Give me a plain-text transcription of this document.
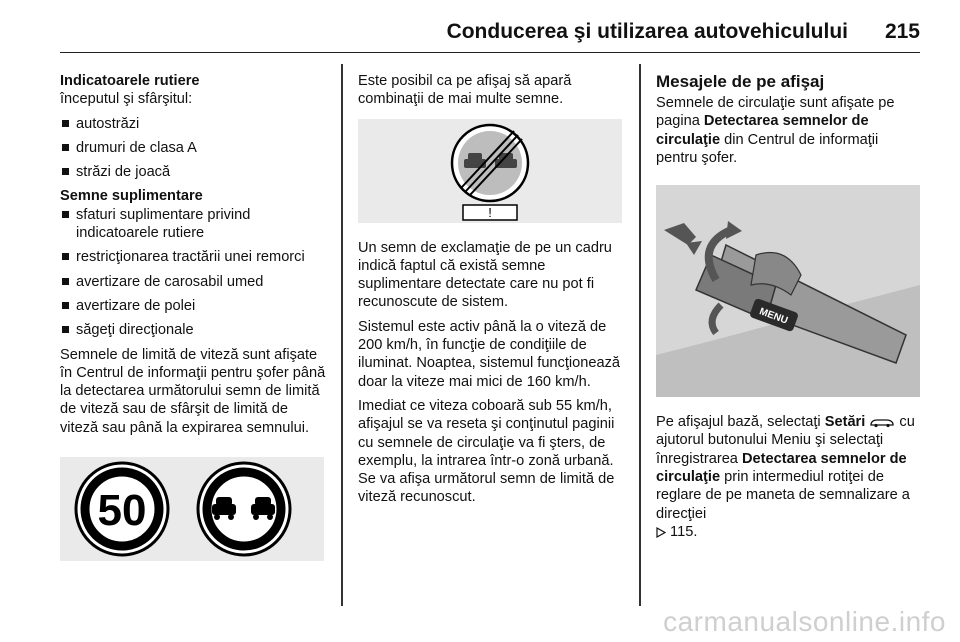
Conducerea şi utilizarea autovehiculului 215

Indicatoarele rutiere

începutul şi sfârşitul:

autostrăzi
drumuri de clasa A
străzi de joacă

Semne suplimentare

sfaturi suplimentare privind indicatoarele rutiere
restricţionarea tractării unei remorci
avertizare de carosabil umed
avertizare de polei
săgeţi direcţionale

Semnele de limită de viteză sunt afişate în Centrul de informaţii pentru şofer până la detectarea următorului semn de limită de viteză sau de sfârşit de limită de viteză sau până la expirarea semnului.

50

Este posibil ca pe afişaj să apară combinaţii de mai multe semne.

!

Un semn de exclamaţie de pe un cadru indică faptul că există semne suplimentare detectate care nu pot fi recunoscute de sistem.

Sistemul este activ până la o viteză de 200 km/h, în funcţie de condiţiile de iluminat. Noaptea, sistemul funcţionează doar la viteze mai mici de 160 km/h.

Imediat ce viteza coboară sub 55 km/h, afişajul se va reseta şi conţinutul paginii cu semnele de circulaţie va fi şters, de exemplu, la intrarea într-o zonă urbană. Se va afişa următorul semn de limită de viteză recunoscut.

Mesajele de pe afişaj

Semnele de circulaţie sunt afişate pe pagina Detectarea semnelor de circulaţie din Centrul de informaţii pentru şofer.

MENU

Pe afişajul bază, selectaţi Setări  cu ajutorul butonului Meniu şi selectaţi înregistrarea Detectarea semnelor de circulaţie prin intermediul rotiţei de reglare de pe maneta de semnalizare a direcţiei
115.

carmanualsonline.info
